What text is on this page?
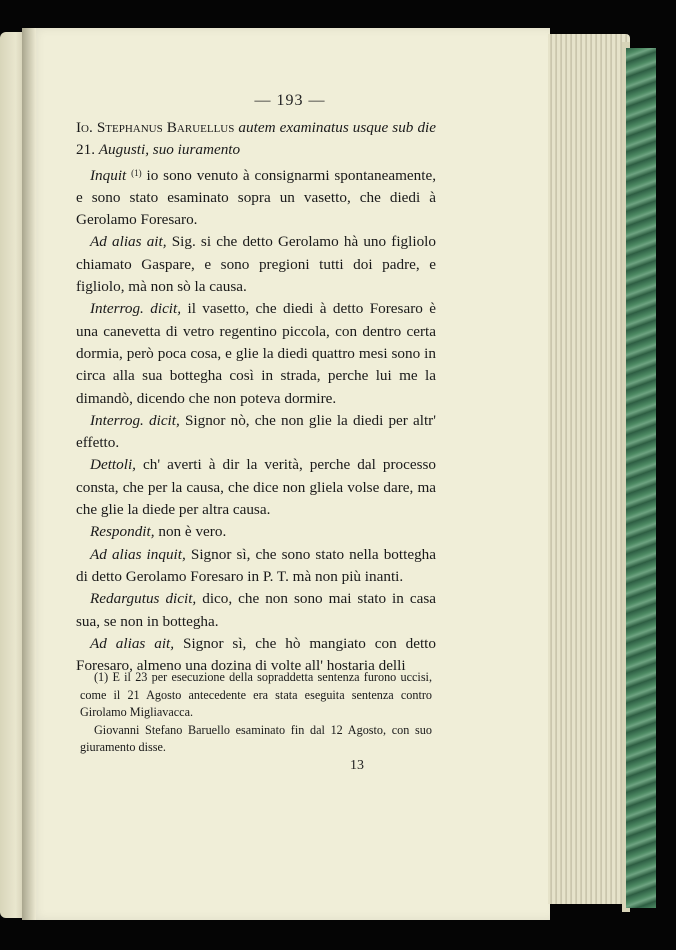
— 193 —

Io. Stephanus Baruellus autem examinatus usque sub die 21. Augusti, suo iuramento

Inquit $^{(1)}$ io sono venuto à consignarmi spontaneamente, e sono stato esaminato sopra un vasetto, che diedi à Gerolamo Foresaro.

Ad alias ait, Sig. si che detto Gerolamo hà uno figliolo chiamato Gaspare, e sono pregioni tutti doi padre, e figliolo, mà non sò la causa.

Interrog. dicit, il vasetto, che diedi à detto Foresaro è una canevetta di vetro regentino piccola, con dentro certa dormia, però poca cosa, e glie la diedi quattro mesi sono in circa alla sua bottegha così in strada, perche lui me la dimandò, dicendo che non poteva dormire.

Interrog. dicit, Signor nò, che non glie la diedi per altr' effetto.

Dettoli, ch' averti à dir la verità, perche dal processo consta, che per la causa, che dice non gliela volse dare, ma che glie la diede per altra causa.

Respondit, non è vero.

Ad alias inquit, Signor sì, che sono stato nella bottegha di detto Gerolamo Foresaro in P. T. mà non più inanti.

Redargutus dicit, dico, che non sono mai stato in casa sua, se non in bottegha.

Ad alias ait, Signor sì, che hò mangiato con detto Foresaro, almeno una dozina di volte all' hostaria delli

(1) E il 23 per esecuzione della sopraddetta sentenza furono uccisi, come il 21 Agosto antecedente era stata eseguita sentenza contro Girolamo Migliavacca.

Giovanni Stefano Baruello esaminato fin dal 12 Agosto, con suo giuramento disse.

13
